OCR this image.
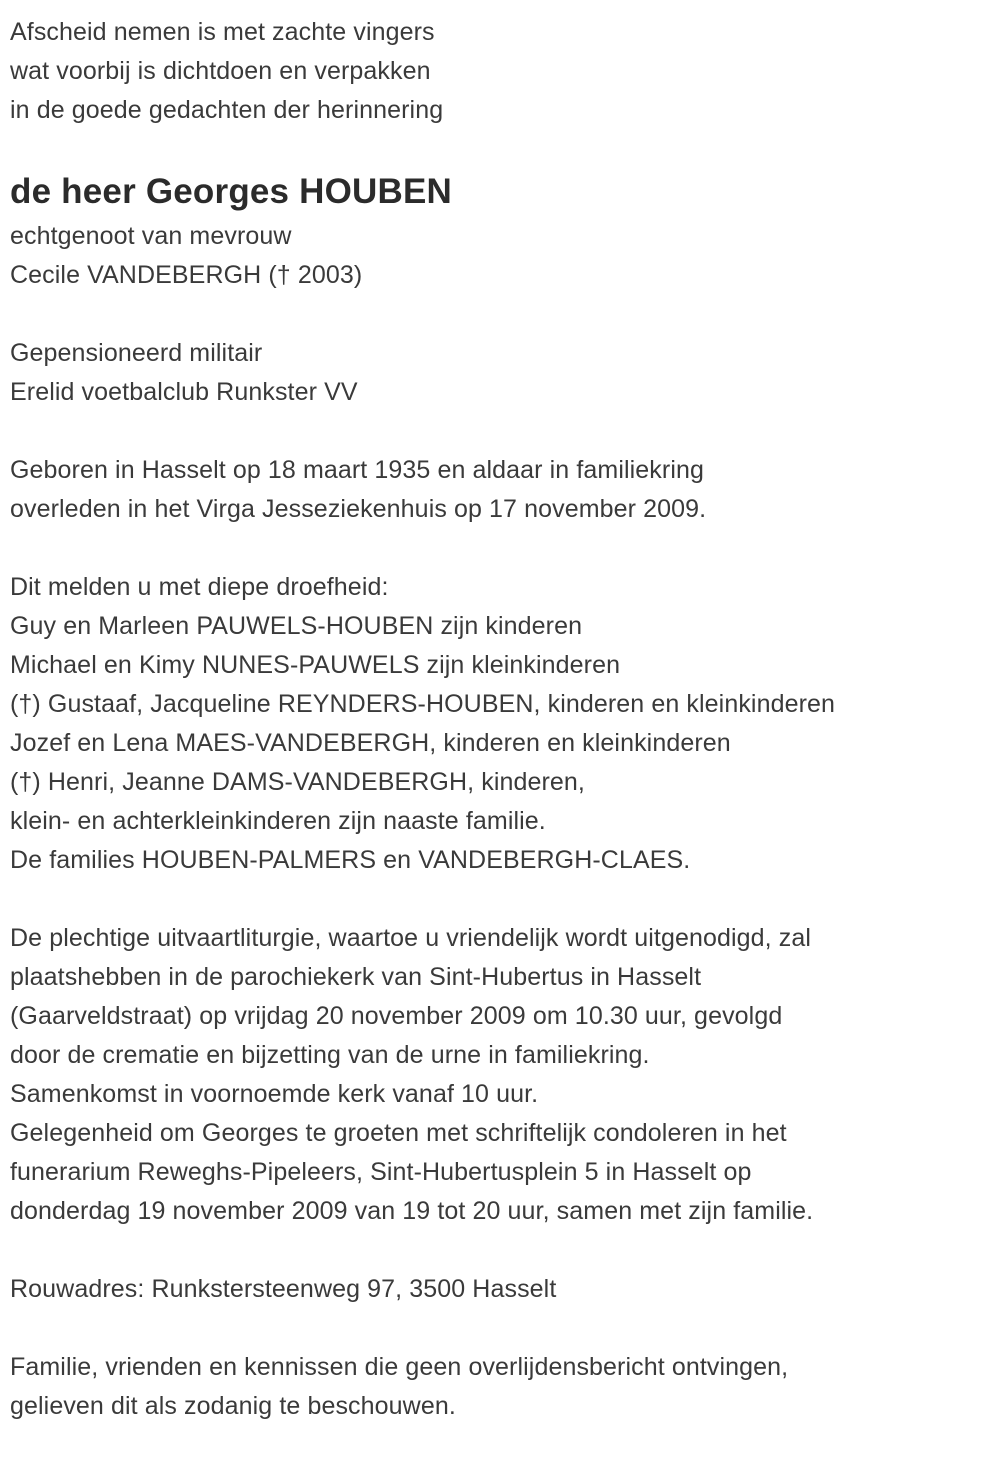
Afscheid nemen is met zachte vingers
wat voorbij is dichtdoen en verpakken
in de goede gedachten der herinnering
de heer Georges HOUBEN
echtgenoot van mevrouw
Cecile VANDEBERGH († 2003)
Gepensioneerd militair
Erelid voetbalclub Runkster VV
Geboren in Hasselt op 18 maart 1935 en aldaar in familiekring
overleden in het Virga Jesseziekenhuis op 17 november 2009.
Dit melden u met diepe droefheid:
Guy en Marleen PAUWELS-HOUBEN zijn kinderen
Michael en Kimy NUNES-PAUWELS zijn kleinkinderen
(†) Gustaaf, Jacqueline REYNDERS-HOUBEN, kinderen en kleinkinderen
Jozef en Lena MAES-VANDEBERGH, kinderen en kleinkinderen
(†) Henri, Jeanne DAMS-VANDEBERGH, kinderen,
klein- en achterkleinkinderen zijn naaste familie.
De families HOUBEN-PALMERS en VANDEBERGH-CLAES.
De plechtige uitvaartliturgie, waartoe u vriendelijk wordt uitgenodigd, zal
plaatshebben in de parochiekerk van Sint-Hubertus in Hasselt
(Gaarveldstraat) op vrijdag 20 november 2009 om 10.30 uur, gevolgd
door de crematie en bijzetting van de urne in familiekring.
Samenkomst in voornoemde kerk vanaf 10 uur.
Gelegenheid om Georges te groeten met schriftelijk condoleren in het
funerarium Reweghs-Pipeleers, Sint-Hubertusplein 5 in Hasselt op
donderdag 19 november 2009 van 19 tot 20 uur, samen met zijn familie.
Rouwadres: Runkstersteenweg 97, 3500 Hasselt
Familie, vrienden en kennissen die geen overlijdensbericht ontvingen,
gelieven dit als zodanig te beschouwen.
